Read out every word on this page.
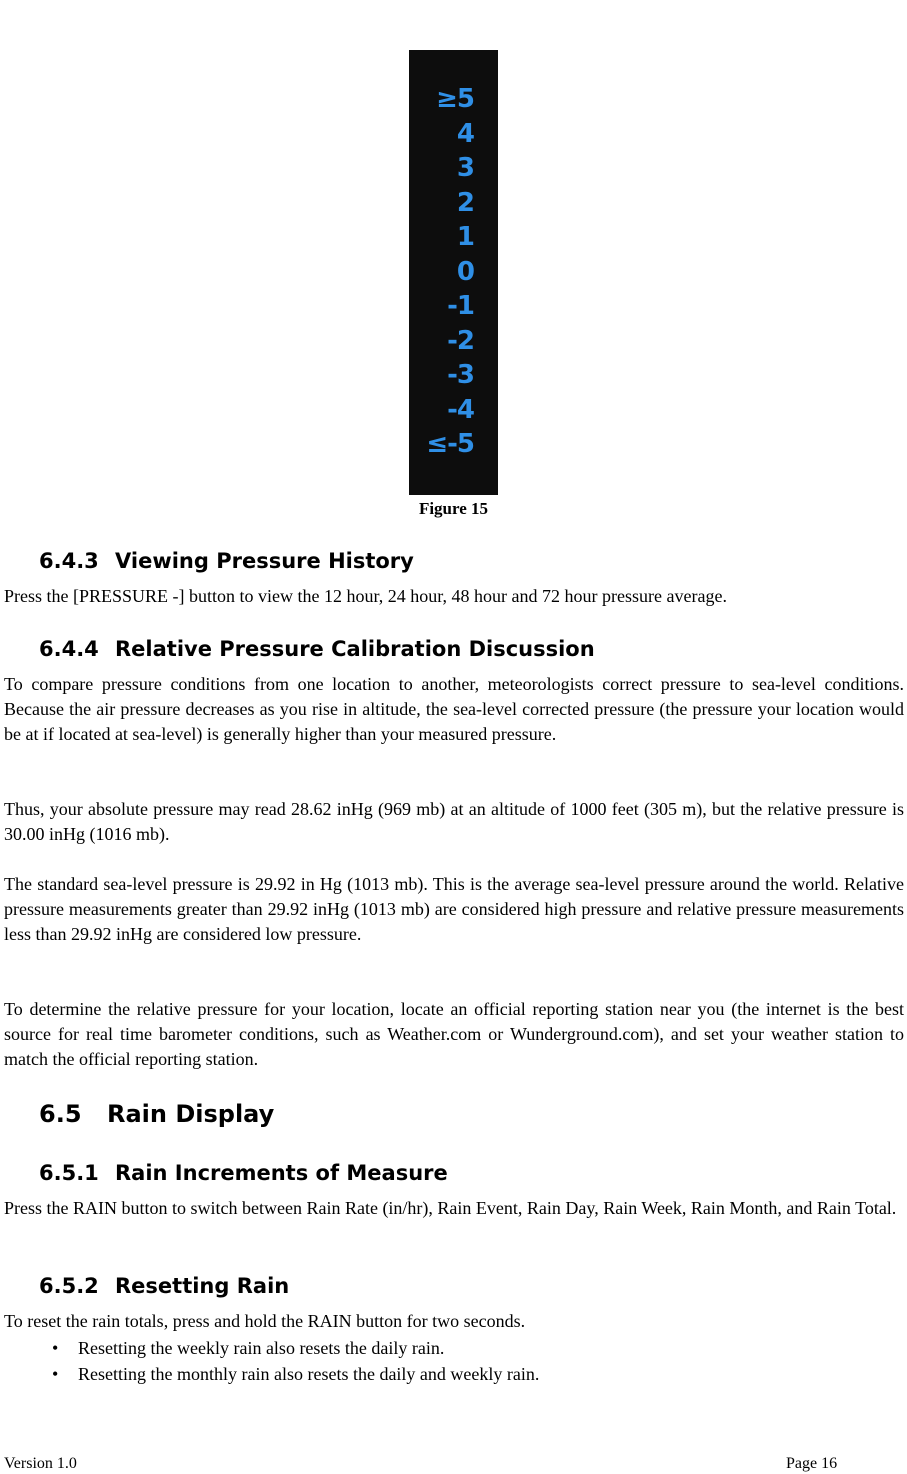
≥5
4
3
2
1
0
-1
-2
-3
-4
≤-5
Figure 15
6.4.3 Viewing Pressure History

Press the [PRESSURE -] button to view the 12 hour, 24 hour, 48 hour and 72 hour pressure average.

6.4.4 Relative Pressure Calibration Discussion

To compare pressure conditions from one location to another, meteorologists correct pressure to sea-level conditions. Because the air pressure decreases as you rise in altitude, the sea-level corrected pressure (the pressure your location would be at if located at sea-level) is generally higher than your measured pressure.

Thus, your absolute pressure may read 28.62 inHg (969 mb) at an altitude of 1000 feet (305 m), but the relative pressure is 30.00 inHg (1016 mb).

The standard sea-level pressure is 29.92 in Hg (1013 mb). This is the average sea-level pressure around the world. Relative pressure measurements greater than 29.92 inHg (1013 mb) are considered high pressure and relative pressure measurements less than 29.92 inHg are considered low pressure.

To determine the relative pressure for your location, locate an official reporting station near you (the internet is the best source for real time barometer conditions, such as Weather.com or Wunderground.com), and set your weather station to match the official reporting station.

6.5 Rain Display
6.5.1 Rain Increments of Measure

Press the RAIN button to switch between Rain Rate (in/hr), Rain Event, Rain Day, Rain Week, Rain Month, and Rain Total.

6.5.2 Resetting Rain

To reset the rain totals, press and hold the RAIN button for two seconds.

•	Resetting the weekly rain also resets the daily rain.
•	Resetting the monthly rain also resets the daily and weekly rain.
Version 1.0	Page 16
